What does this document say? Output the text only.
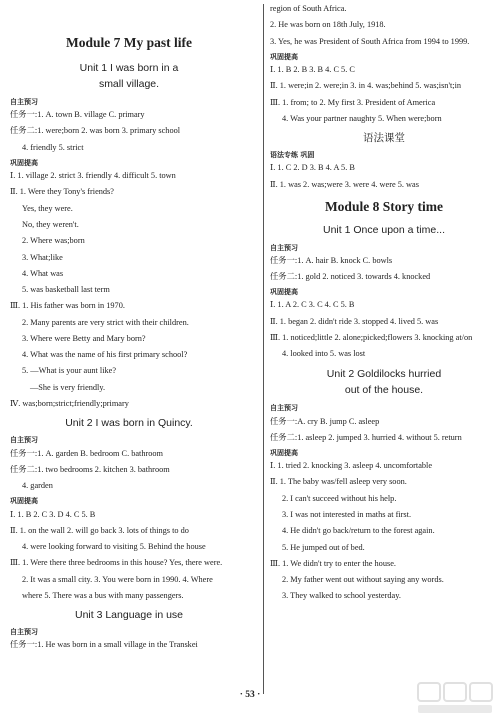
Module 7 My past life
Unit 1 I was born in a
small village.
自主预习
任务一:1. A. town B. village C. primary
任务二:1. were;born 2. was born 3. primary school
4. friendly 5. strict
巩固提高
Ⅰ. 1. village 2. strict 3. friendly 4. difficult 5. town
Ⅱ. 1. Were they Tony's friends?
Yes, they were.
No, they weren't.
2. Where was;born
3. What;like
4. What was
5. was basketball last term
Ⅲ. 1. His father was born in 1970.
2. Many parents are very strict with their children.
3. Where were Betty and Mary born?
4. What was the name of his first primary school?
5. —What is your aunt like?
—She is very friendly.
Ⅳ. was;born;strict;friendly;primary
Unit 2 I was born in Quincy.
自主预习
任务一:1. A. garden B. bedroom C. bathroom
任务二:1. two bedrooms 2. kitchen 3. bathroom
4. garden
巩固提高
Ⅰ. 1. B 2. C 3. D 4. C 5. B
Ⅱ. 1. on the wall 2. will go back 3. lots of things to do
4. were looking forward to visiting 5. Behind the house
Ⅲ. 1. Were there three bedrooms in this house? Yes, there were.
2. It was a small city. 3. You were born in 1990. 4. Where
where 5. There was a bus with many passengers.
Unit 3 Language in use
自主预习
任务一:1. He was born in a small village in the Transkei
region of South Africa.
2. He was born on 18th July, 1918.
3. Yes, he was President of South Africa from 1994 to 1999.
巩固提高
Ⅰ. 1. B 2. B 3. B 4. C 5. C
Ⅱ. 1. were;in 2. were;in 3. in 4. was;behind 5. was;isn't;in
Ⅲ. 1. from; to 2. My first 3. President of America
4. Was your partner naughty 5. When were;born
语法课堂
语法专练 巩固
Ⅰ. 1. C 2. D 3. B 4. A 5. B
Ⅱ. 1. was 2. was;were 3. were 4. were 5. was
Module 8 Story time
Unit 1 Once upon a time...
自主预习
任务一:1. A. hair B. knock C. bowls
任务二:1. gold 2. noticed 3. towards 4. knocked
巩固提高
Ⅰ. 1. A 2. C 3. C 4. C 5. B
Ⅱ. 1. began 2. didn't ride 3. stopped 4. lived 5. was
Ⅲ. 1. noticed;little 2. alone;picked;flowers 3. knocking at/on
4. looked into 5. was lost
Unit 2 Goldilocks hurried
out of the house.
自主预习
任务一:A. cry B. jump C. asleep
任务二:1. asleep 2. jumped 3. hurried 4. without 5. return
巩固提高
Ⅰ. 1. tried 2. knocking 3. asleep 4. uncomfortable
Ⅱ. 1. The baby was/fell asleep very soon.
2. I can't succeed without his help.
3. I was not interested in maths at first.
4. He didn't go back/return to the forest again.
5. He jumped out of bed.
Ⅲ. 1. We didn't try to enter the house.
2. My father went out without saying any words.
3. They walked to school yesterday.
· 53 ·
